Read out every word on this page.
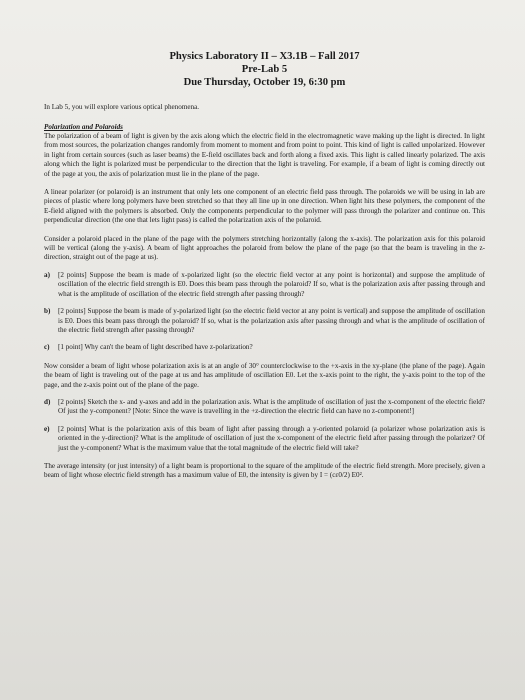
Physics Laboratory II – X3.1B – Fall 2017
Pre-Lab 5
Due Thursday, October 19, 6:30 pm

In Lab 5, you will explore various optical phenomena.

Polarization and Polaroids

The polarization of a beam of light is given by the axis along which the electric field in the electromagnetic wave making up the light is directed. In light from most sources, the polarization changes randomly from moment to moment and from point to point. This kind of light is called unpolarized. However in light from certain sources (such as laser beams) the E-field oscillates back and forth along a fixed axis. This light is called linearly polarized. The axis along which the light is polarized must be perpendicular to the direction that the light is traveling. For example, if a beam of light is coming directly out of the page at you, the axis of polarization must lie in the plane of the page.

A linear polarizer (or polaroid) is an instrument that only lets one component of an electric field pass through. The polaroids we will be using in lab are pieces of plastic where long polymers have been stretched so that they all line up in one direction. When light hits these polymers, the component of the E-field aligned with the polymers is absorbed. Only the components perpendicular to the polymer will pass through the polarizer and continue on. This perpendicular direction (the one that lets light pass) is called the polarization axis of the polaroid.

Consider a polaroid placed in the plane of the page with the polymers stretching horizontally (along the x-axis). The polarization axis for this polaroid will be vertical (along the y-axis). A beam of light approaches the polaroid from below the plane of the page (so that the beam is traveling in the z-direction, straight out of the page at us).

a)	[2 points] Suppose the beam is made of x-polarized light (so the electric field vector at any point is horizontal) and suppose the amplitude of oscillation of the electric field strength is E0. Does this beam pass through the polaroid? If so, what is the polarization axis after passing through and what is the amplitude of oscillation of the electric field strength after passing through?
b)	[2 points] Suppose the beam is made of y-polarized light (so the electric field vector at any point is vertical) and suppose the amplitude of oscillation is E0. Does this beam pass through the polaroid? If so, what is the polarization axis after passing through and what is the amplitude of oscillation of the electric field strength after passing through?
c)	[1 point] Why can't the beam of light described have z-polarization?

Now consider a beam of light whose polarization axis is at an angle of 30° counterclockwise to the +x-axis in the xy-plane (the plane of the page). Again the beam of light is traveling out of the page at us and has amplitude of oscillation E0. Let the x-axis point to the right, the y-axis point to the top of the page, and the z-axis point out of the plane of the page.

d)	[2 points] Sketch the x- and y-axes and add in the polarization axis. What is the amplitude of oscillation of just the x-component of the electric field? Of just the y-component? [Note: Since the wave is travelling in the +z-direction the electric field can have no z-component!]
e)	[2 points] What is the polarization axis of this beam of light after passing through a y-oriented polaroid (a polarizer whose polarization axis is oriented in the y-direction)? What is the amplitude of oscillation of just the x-component of the electric field after passing through the polarizer? Of just the y-component? What is the maximum value that the total magnitude of the electric field will take?

The average intensity (or just intensity) of a light beam is proportional to the square of the amplitude of the electric field strength. More precisely, given a beam of light whose electric field strength has a maximum value of E0, the intensity is given by I = (cε0/2) E0².
